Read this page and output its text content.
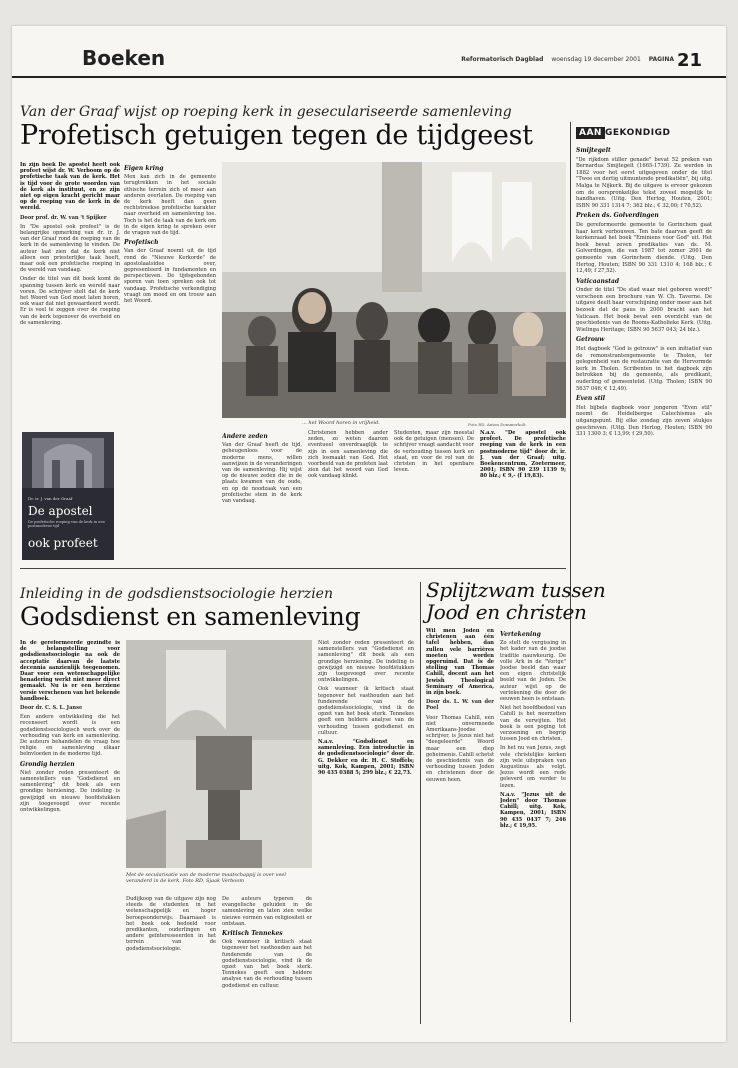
Boeken	Reformatorisch Dagblad woensdag 19 december 2001 PAGINA 21
Van der Graaf wijst op roeping kerk in geseculariseerde samenleving
Profetisch getuigen tegen de tijdgeest

In zijn boek De apostel heeft ook profeet wijst dr. W. Verboom op de profetische taak van de kerk. Het is tijd voor de grote woorden van de kerk als instituut, en ze zijn niet op eigen kracht gericht maar op de roeping van de kerk in de wereld.

Door prof. dr. W. van 't Spijker

In "De apostel ook profeet" is de belangrijke opmerking van dr. ir. J. van der Graaf rond de roeping van de kerk in de samenleving te vinden. De auteur laat zien dat de kerk niet alleen een priesterlijke taak heeft, maar ook een profetische roeping in de wereld van vandaag.

Onder de titel van dit boek komt de spanning tussen kerk en wereld naar voren. De schrijver stelt dat de kerk het Woord van God moet laten horen, ook waar dat niet gewaardeerd wordt. Er is veel te zeggen over de roeping van de kerk tegenover de overheid en de samenleving.

Dr. ir. J. van der Graaf
De apostel
De profetische roeping van de kerk in een postmoderne tijd
ook profeet

Eigen kring

Men kan zich in de gemeente terugtrekken in het sociale ethische terrein zich of meer aan anderen overlaten. De roeping van de kerk heeft dan geen rechtstreekse profetische karakter naar overheid en samenleving toe. Toch is het de taak van de kerk om in de eigen kring te spreken over de vragen van de tijd.

Profetisch

Van der Graaf noemt uit de tijd rond de "Nieuwe Kerkorde" de apostolaatsidee over, gepresenteerd in fundamenten en perspectieven. De tijdsgebonden sporen van toen spreken ook tot vandaag. Profetische verkondiging vraagt om moed en om trouw aan het Woord.

... het Woord horen in vrijheid.	Foto RD, Anton Dommerholt

Andere zeden

Van der Graaf heeft de tijd, geheugenloos voor de moderne mens, willen aanwijzen in de veranderingen van de samenleving. Hij wijst op de nieuwe zeden die in de plaats kwamen van de oude, en op de noodzaak van een profetische stem in de kerk van vandaag.

Christenen hebben ander zeden, zo weten daarom eventueel onverdraaglijk te zijn in een samenleving die zich losmaakt van God. Het voorbeeld van de profeten laat zien dat het woord van God ook vandaag klinkt.

Studenten, maar zijn meestal ook de getuigen (mensen). De schrijver vraagt aandacht voor de verhouding tussen kerk en staat, en voor de rol van de christen in het openbare leven.

N.a.v. "De apostel ook profeet. De profetische roeping van de kerk in een postmoderne tijd" door dr. ir. J. van der Graaf; uitg. Boekencentrum, Zoetermeer, 2001; ISBN 90 239 1139 9; 80 blz.; € 9,- (f 19,83).

AAN GEKONDIGD

Smijtegelt

"De rijkdom stiller genade" bevat 52 preken van Bernardus Smijtegelt (1665-1739). Ze werden in 1882 voor het eerst uitgegeven onder de titel "Twee en dertig uitmuntende predikatiën", bij uitg. Malga te Nijkerk. Bij de uitgave is ervoor gekozen om de oorspronkelijke tekst zoveel mogelijk te handhaven. (Uitg. Den Hertog, Houten, 2001; ISBN 90 331 1314 7; 362 blz.; € 32,00; f 70,52).

Preken ds. Golverdingen

De gereformeerde gemeente te Gorinchem gaat haar kerk verbouwen. Ten bate daarvan geeft de kerkenraad het boek "Eminiens voor God" uit. Het boek bevat zeven predikaties van ds. M. Golverdingen, die van 1987 tot zomer 2001 de gemeente van Gorinchem diende. (Uitg. Den Hertog, Houten; ISBN 90 331 1310 4; 168 blz.; € 12,49; f 27,52).

Vaticaanstad

Onder de titel "De stad waar niet geboren wordt" verscheen een brochure van W. Ch. Taverne. De uitgave deelt haar verschijning onder meer aan het bezoek dat de paus in 2000 bracht aan het Vaticaan. Het boek bevat een overzicht van de geschiedenis van de Rooms-Katholieke Kerk. (Uitg. Wielinga Heritage; ISBN 90 5637 043; 24 blz.).

Getrouw

Het dagboek "God is getrouw" is een initiatief van de remonstrantengemeente te Tholen, ter gelegenheid van de restauratie van de Hervormde kerk in Tholen. Scribenten in het dagboek zijn betrokken bij de gemeente, als predikant, ouderling of gemeentelid. (Uitg. Tholen; ISBN 90 5637 046; € 12,49).

Even stil

Het bijbels dagboek voor jongeren "Even stil" neemt de Heidelbergse Catechismus als uitgangspunt. Bij elke zondag zijn zeven stukjes geschreven. (Uitg. Den Hertog, Houten; ISBN 90 331 1300 3; € 13,99; f 29,50).

Inleiding in de godsdienstsociologie herzien
Godsdienst en samenleving

In de gereformeerde gezindte is de belangstelling voor godsdienstsociologie na ook de acceptatie daarvan de laatste decennia aanzienlijk toegenomen. Daar voor een wetenschappelijke benadering werkt niet meer direct gemaakt. Nu is er een herziene versie verschenen van het bekende handboek.

Door dr. C. S. L. Janse

Een andere ontwikkeling die het recenseert wordt is een godsdienstsociologisch werk over de verhouding van kerk en samenleving. De auteurs behandelen de vraag hoe religie en samenleving elkaar beïnvloeden in de moderne tijd.

Grondig herzien

Niet zonder reden presenteert de samenstellers van "Godsdienst en samenleving" dit boek als een grondige herziening. De indeling is gewijzigd en nieuwe hoofdstukken zijn toegevoegd over recente ontwikkelingen.

Met de secularisatie van de moderne maatschappij is over veel veranderd in de kerk. Foto RD, Sjaak Verboom

Dudijkoop van de uitgave zijn nog steeds de studenten in het wetenschappelijk en hoger beroepsonderwijs. Daarnaast is het boek ook bedoeld voor predikanten, ouderlingen en andere geïnteresseerden in het terrein van de godsdienstsociologie.

De auteurs typeren de evangelische geluiden in de samenleving en laten zien welke nieuwe vormen van religiositeit er ontstaan.

Kritisch Tennekes

Ook wanneer ik kritisch staat tegenover het vasthouden aan het funderende van de godsdienstsociologie, vind ik de opzet van het boek sterk. Tennekes geeft een heldere analyse van de verhouding tussen godsdienst en cultuur.

Niet zonder reden presenteert de samenstellers van "Godsdienst en samenleving" dit boek als een grondige herziening. De indeling is gewijzigd en nieuwe hoofdstukken zijn toegevoegd over recente ontwikkelingen.

Ook wanneer ik kritisch staat tegenover het vasthouden aan het funderende van de godsdienstsociologie, vind ik de opzet van het boek sterk. Tennekes geeft een heldere analyse van de verhouding tussen godsdienst en cultuur.

N.a.v. "Godsdienst en samenleving. Een introductie in de godsdienstsociologie" door dr. G. Dekker en dr. H. C. Stoffels; uitg. Kok, Kampen, 2001; ISBN 90 435 0388 5; 299 blz.; € 22,73.

Splijtzwam tussen
Jood en christen

Wil men Joden en christenen aan één tafel hebben, dan zullen vele barrières moeten worden opgeruimd. Dat is de stelling van Thomas Cahill, docent aan het Jewish Theological Seminary of America, in zijn boek.

Door ds. L. W. van der Poel

Voor Thomas Cahill, een niet onvermoede Amerikaans-Joodse schrijver, is Jezus niet het "deegeleerde" Woord maar een diep geheimenis. Cahill schetst de geschiedenis van de verhouding tussen Joden en christenen door de eeuwen heen.

Vertekening

Zo stelt de vergissing in het kader van de joodse traditie nauwkeurig. De volle Ark in de "Vorige" Joodse beeld dan waar een eigen christelijk beeld van de Joden. De auteur wijst op de vertekening die door de eeuwen heen is ontstaan.

Niet het hoofdbedoel van Cahill is het neerzetten van de verwijten. Het boek is een poging tot verzoening en begrip tussen Jood en christen.

In het nu van Jezus, zegt vele christelijke kerken zijn vele uitspraken van Augustinus als volgt. Jezus wordt een rede geleverd om verder te lezen.

N.a.v. "Jezus uit de Joden" door Thomas Cahill; uitg. Kok, Kampen, 2001; ISBN 90 435 0437 7; 246 blz.; € 19,95.
